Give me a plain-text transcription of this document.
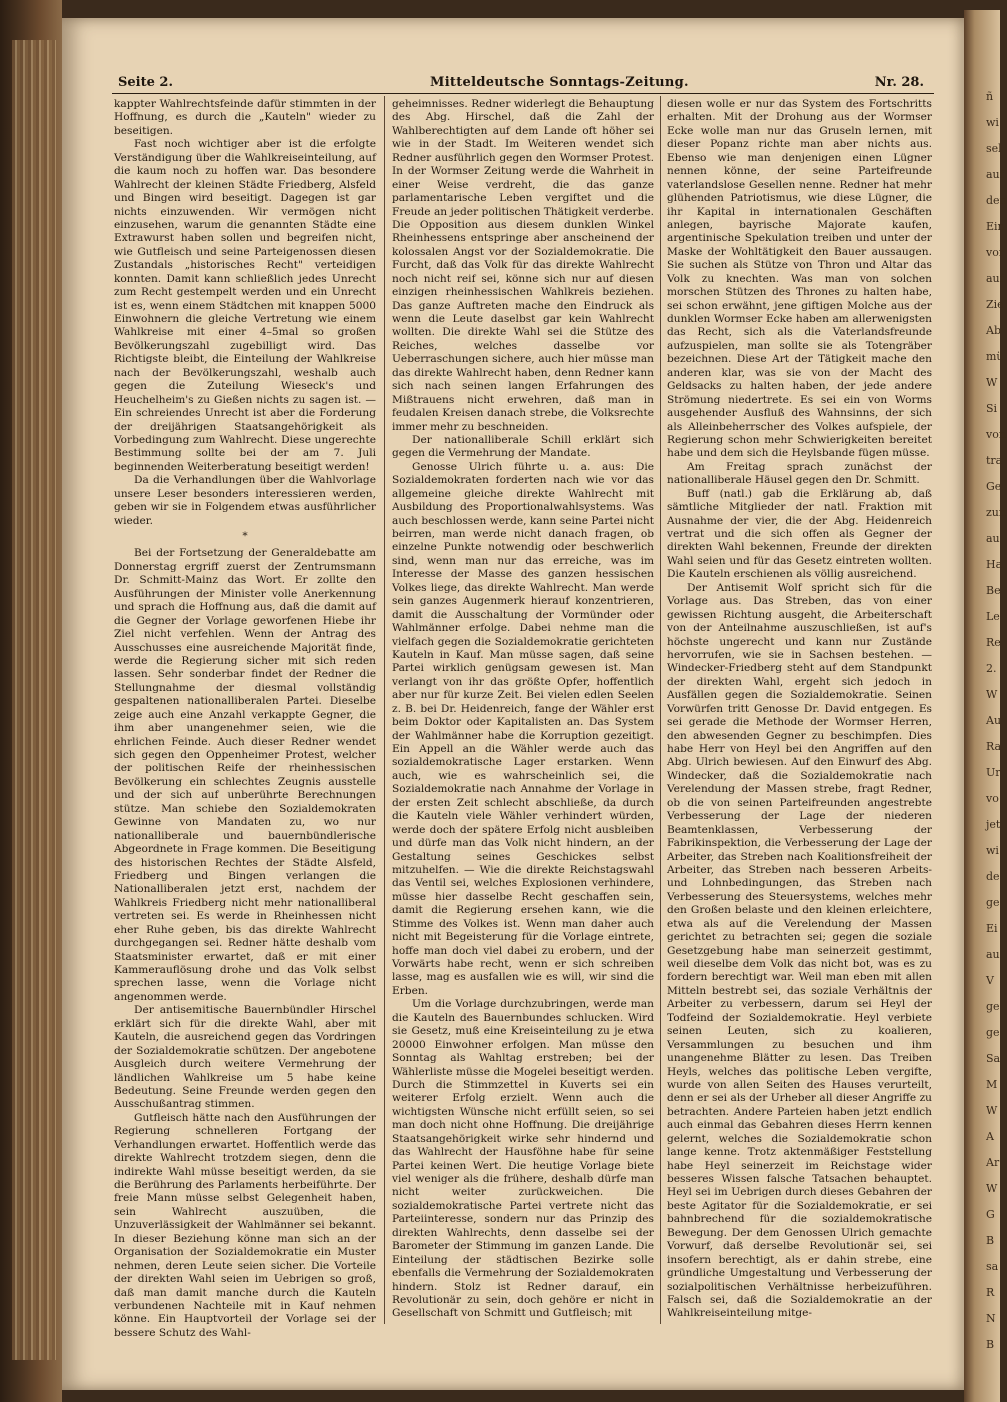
ñ
wi
sel
auf
den
Ein
vor
auf
Zie
Ab
mü
W
Si
von
tra
Ge
zun
au
Ha
Be
Le
Re
2.
W
Au
Ra
Ur
vo
jet
wi
de
ge
Ei
au
V
ge
ge
Sa
M
W
A
Ar
W
G
B
sa
R
N
B
Seite 2.	Mitteldeutsche Sonntags-Zeitung.	Nr. 28.

kappter Wahlrechtsfeinde dafür stimmten in der Hoffnung, es durch die „Kauteln" wieder zu beseitigen.

Fast noch wichtiger aber ist die erfolgte Verständigung über die Wahlkreiseinteilung, auf die kaum noch zu hoffen war. Das besondere Wahlrecht der kleinen Städte Friedberg, Alsfeld und Bingen wird beseitigt. Dagegen ist gar nichts einzuwenden. Wir vermögen nicht einzusehen, warum die genannten Städte eine Extrawurst haben sollen und begreifen nicht, wie Gutfleisch und seine Parteigenossen diesen Zustandals „historisches Recht" verteidigen konnten. Damit kann schließlich jedes Unrecht zum Recht gestempelt werden und ein Unrecht ist es, wenn einem Städtchen mit knappen 5000 Einwohnern die gleiche Vertretung wie einem Wahlkreise mit einer 4–5mal so großen Bevölkerungszahl zugebilligt wird. Das Richtigste bleibt, die Einteilung der Wahlkreise nach der Bevölkerungszahl, weshalb auch gegen die Zuteilung Wieseck's und Heuchelheim's zu Gießen nichts zu sagen ist. — Ein schreiendes Unrecht ist aber die Forderung der dreijährigen Staatsangehörigkeit als Vorbedingung zum Wahlrecht. Diese ungerechte Bestimmung sollte bei der am 7. Juli beginnenden Weiterberatung beseitigt werden!

Da die Verhandlungen über die Wahlvorlage unsere Leser besonders interessieren werden, geben wir sie in Folgendem etwas ausführlicher wieder.

*

Bei der Fortsetzung der Generaldebatte am Donnerstag ergriff zuerst der Zentrumsmann Dr. Schmitt-Mainz das Wort. Er zollte den Ausführungen der Minister volle Anerkennung und sprach die Hoffnung aus, daß die damit auf die Gegner der Vorlage geworfenen Hiebe ihr Ziel nicht verfehlen. Wenn der Antrag des Ausschusses eine ausreichende Majorität finde, werde die Regierung sicher mit sich reden lassen. Sehr sonderbar findet der Redner die Stellungnahme der diesmal vollständig gespaltenen nationalliberalen Partei. Dieselbe zeige auch eine Anzahl verkappte Gegner, die ihm aber unangenehmer seien, wie die ehrlichen Feinde. Auch dieser Redner wendet sich gegen den Oppenheimer Protest, welcher der politischen Reife der rheinhessischen Bevölkerung ein schlechtes Zeugnis ausstelle und der sich auf unberührte Berechnungen stütze. Man schiebe den Sozialdemokraten Gewinne von Mandaten zu, wo nur nationalliberale und bauernbündlerische Abgeordnete in Frage kommen. Die Beseitigung des historischen Rechtes der Städte Alsfeld, Friedberg und Bingen verlangen die Nationalliberalen jetzt erst, nachdem der Wahlkreis Friedberg nicht mehr nationalliberal vertreten sei. Es werde in Rheinhessen nicht eher Ruhe geben, bis das direkte Wahlrecht durchgegangen sei. Redner hätte deshalb vom Staatsminister erwartet, daß er mit einer Kammerauflösung drohe und das Volk selbst sprechen lasse, wenn die Vorlage nicht angenommen werde.

Der antisemitische Bauernbündler Hirschel erklärt sich für die direkte Wahl, aber mit Kauteln, die ausreichend gegen das Vordringen der Sozialdemokratie schützen. Der angebotene Ausgleich durch weitere Vermehrung der ländlichen Wahlkreise um 5 habe keine Bedeutung. Seine Freunde werden gegen den Ausschußantrag stimmen.

Gutfleisch hätte nach den Ausführungen der Regierung schnelleren Fortgang der Verhandlungen erwartet. Hoffentlich werde das direkte Wahlrecht trotzdem siegen, denn die indirekte Wahl müsse beseitigt werden, da sie die Berührung des Parlaments herbeiführte. Der freie Mann müsse selbst Gelegenheit haben, sein Wahlrecht auszuüben, die Unzuverlässigkeit der Wahlmänner sei bekannt. In dieser Beziehung könne man sich an der Organisation der Sozialdemokratie ein Muster nehmen, deren Leute seien sicher. Die Vorteile der direkten Wahl seien im Uebrigen so groß, daß man damit manche durch die Kauteln verbundenen Nachteile mit in Kauf nehmen könne. Ein Hauptvorteil der Vorlage sei der bessere Schutz des Wahl-

geheimnisses. Redner widerlegt die Behauptung des Abg. Hirschel, daß die Zahl der Wahlberechtigten auf dem Lande oft höher sei wie in der Stadt. Im Weiteren wendet sich Redner ausführlich gegen den Wormser Protest. In der Wormser Zeitung werde die Wahrheit in einer Weise verdreht, die das ganze parlamentarische Leben vergiftet und die Freude an jeder politischen Thätigkeit verderbe. Die Opposition aus diesem dunklen Winkel Rheinhessens entspringe aber anscheinend der kolossalen Angst vor der Sozialdemokratie. Die Furcht, daß das Volk für das direkte Wahlrecht noch nicht reif sei, könne sich nur auf diesen einzigen rheinhessischen Wahlkreis beziehen. Das ganze Auftreten mache den Eindruck als wenn die Leute daselbst gar kein Wahlrecht wollten. Die direkte Wahl sei die Stütze des Reiches, welches dasselbe vor Ueberraschungen sichere, auch hier müsse man das direkte Wahlrecht haben, denn Redner kann sich nach seinen langen Erfahrungen des Mißtrauens nicht erwehren, daß man in feudalen Kreisen danach strebe, die Volksrechte immer mehr zu beschneiden.

Der nationalliberale Schill erklärt sich gegen die Vermehrung der Mandate.

Genosse Ulrich führte u. a. aus: Die Sozialdemokraten forderten nach wie vor das allgemeine gleiche direkte Wahlrecht mit Ausbildung des Proportionalwahlsystems. Was auch beschlossen werde, kann seine Partei nicht beirren, man werde nicht danach fragen, ob einzelne Punkte notwendig oder beschwerlich sind, wenn man nur das erreiche, was im Interesse der Masse des ganzen hessischen Volkes liege, das direkte Wahlrecht. Man werde sein ganzes Augenmerk hierauf konzentrieren, damit die Ausschaltung der Vormünder oder Wahlmänner erfolge. Dabei nehme man die vielfach gegen die Sozialdemokratie gerichteten Kauteln in Kauf. Man müsse sagen, daß seine Partei wirklich genügsam gewesen ist. Man verlangt von ihr das größte Opfer, hoffentlich aber nur für kurze Zeit. Bei vielen edlen Seelen z. B. bei Dr. Heidenreich, fange der Wähler erst beim Doktor oder Kapitalisten an. Das System der Wahlmänner habe die Korruption gezeitigt. Ein Appell an die Wähler werde auch das sozialdemokratische Lager erstarken. Wenn auch, wie es wahrscheinlich sei, die Sozialdemokratie nach Annahme der Vorlage in der ersten Zeit schlecht abschließe, da durch die Kauteln viele Wähler verhindert würden, werde doch der spätere Erfolg nicht ausbleiben und dürfe man das Volk nicht hindern, an der Gestaltung seines Geschickes selbst mitzuhelfen. — Wie die direkte Reichstagswahl das Ventil sei, welches Explosionen verhindere, müsse hier dasselbe Recht geschaffen sein, damit die Regierung ersehen kann, wie die Stimme des Volkes ist. Wenn man daher auch nicht mit Begeisterung für die Vorlage eintrete, hoffe man doch viel dabei zu erobern, und der Vorwärts habe recht, wenn er sich schreiben lasse, mag es ausfallen wie es will, wir sind die Erben.

Um die Vorlage durchzubringen, werde man die Kauteln des Bauernbundes schlucken. Wird sie Gesetz, muß eine Kreiseinteilung zu je etwa 20000 Einwohner erfolgen. Man müsse den Sonntag als Wahltag erstreben; bei der Wählerliste müsse die Mogelei beseitigt werden. Durch die Stimmzettel in Kuverts sei ein weiterer Erfolg erzielt. Wenn auch die wichtigsten Wünsche nicht erfüllt seien, so sei man doch nicht ohne Hoffnung. Die dreijährige Staatsangehörigkeit wirke sehr hindernd und das Wahlrecht der Hausföhne habe für seine Partei keinen Wert. Die heutige Vorlage biete viel weniger als die frühere, deshalb dürfe man nicht weiter zurückweichen. Die sozialdemokratische Partei vertrete nicht das Parteiinteresse, sondern nur das Prinzip des direkten Wahlrechts, denn dasselbe sei der Barometer der Stimmung im ganzen Lande. Die Einteilung der städtischen Bezirke solle ebenfalls die Vermehrung der Sozialdemokraten hindern. Stolz ist Redner darauf, ein Revolutionär zu sein, doch gehöre er nicht in Gesellschaft von Schmitt und Gutfleisch; mit

diesen wolle er nur das System des Fortschritts erhalten. Mit der Drohung aus der Wormser Ecke wolle man nur das Gruseln lernen, mit dieser Popanz richte man aber nichts aus. Ebenso wie man denjenigen einen Lügner nennen könne, der seine Parteifreunde vaterlandslose Gesellen nenne. Redner hat mehr glühenden Patriotismus, wie diese Lügner, die ihr Kapital in internationalen Geschäften anlegen, bayrische Majorate kaufen, argentinische Spekulation treiben und unter der Maske der Wohltätigkeit den Bauer aussaugen. Sie suchen als Stütze von Thron und Altar das Volk zu knechten. Was man von solchen morschen Stützen des Thrones zu halten habe, sei schon erwähnt, jene giftigen Molche aus der dunklen Wormser Ecke haben am allerwenigsten das Recht, sich als die Vaterlandsfreunde aufzuspielen, man sollte sie als Totengräber bezeichnen. Diese Art der Tätigkeit mache den anderen klar, was sie von der Macht des Geldsacks zu halten haben, der jede andere Strömung niedertrete. Es sei ein von Worms ausgehender Ausfluß des Wahnsinns, der sich als Alleinbeherrscher des Volkes aufspiele, der Regierung schon mehr Schwierigkeiten bereitet habe und dem sich die Heylsbande fügen müsse.

Am Freitag sprach zunächst der nationalliberale Häusel gegen den Dr. Schmitt.

Buff (natl.) gab die Erklärung ab, daß sämtliche Mitglieder der natl. Fraktion mit Ausnahme der vier, die der Abg. Heidenreich vertrat und die sich offen als Gegner der direkten Wahl bekennen, Freunde der direkten Wahl seien und für das Gesetz eintreten wollten. Die Kauteln erschienen als völlig ausreichend.

Der Antisemit Wolf spricht sich für die Vorlage aus. Das Streben, das von einer gewissen Richtung ausgeht, die Arbeiterschaft von der Anteilnahme auszuschließen, ist auf's höchste ungerecht und kann nur Zustände hervorrufen, wie sie in Sachsen bestehen. — Windecker-Friedberg steht auf dem Standpunkt der direkten Wahl, ergeht sich jedoch in Ausfällen gegen die Sozialdemokratie. Seinen Vorwürfen tritt Genosse Dr. David entgegen. Es sei gerade die Methode der Wormser Herren, den abwesenden Gegner zu beschimpfen. Dies habe Herr von Heyl bei den Angriffen auf den Abg. Ulrich bewiesen. Auf den Einwurf des Abg. Windecker, daß die Sozialdemokratie nach Verelendung der Massen strebe, fragt Redner, ob die von seinen Parteifreunden angestrebte Verbesserung der Lage der niederen Beamtenklassen, Verbesserung der Fabrikinspektion, die Verbesserung der Lage der Arbeiter, das Streben nach Koalitionsfreiheit der Arbeiter, das Streben nach besseren Arbeits- und Lohnbedingungen, das Streben nach Verbesserung des Steuersystems, welches mehr den Großen belaste und den kleinen erleichtere, etwa als auf die Verelendung der Massen gerichtet zu betrachten sei; gegen die soziale Gesetzgebung habe man seinerzeit gestimmt, weil dieselbe dem Volk das nicht bot, was es zu fordern berechtigt war. Weil man eben mit allen Mitteln bestrebt sei, das soziale Verhältnis der Arbeiter zu verbessern, darum sei Heyl der Todfeind der Sozialdemokratie. Heyl verbiete seinen Leuten, sich zu koalieren, Versammlungen zu besuchen und ihm unangenehme Blätter zu lesen. Das Treiben Heyls, welches das politische Leben vergifte, wurde von allen Seiten des Hauses verurteilt, denn er sei als der Urheber all dieser Angriffe zu betrachten. Andere Parteien haben jetzt endlich auch einmal das Gebahren dieses Herrn kennen gelernt, welches die Sozialdemokratie schon lange kenne. Trotz aktenmäßiger Feststellung habe Heyl seinerzeit im Reichstage wider besseres Wissen falsche Tatsachen behauptet. Heyl sei im Uebrigen durch dieses Gebahren der beste Agitator für die Sozialdemokratie, er sei bahnbrechend für die sozialdemokratische Bewegung. Der dem Genossen Ulrich gemachte Vorwurf, daß derselbe Revolutionär sei, sei insofern berechtigt, als er dahin strebe, eine gründliche Umgestaltung und Verbesserung der sozialpolitischen Verhältnisse herbeizuführen. Falsch sei, daß die Sozialdemokratie an der Wahlkreiseinteilung mitge-
